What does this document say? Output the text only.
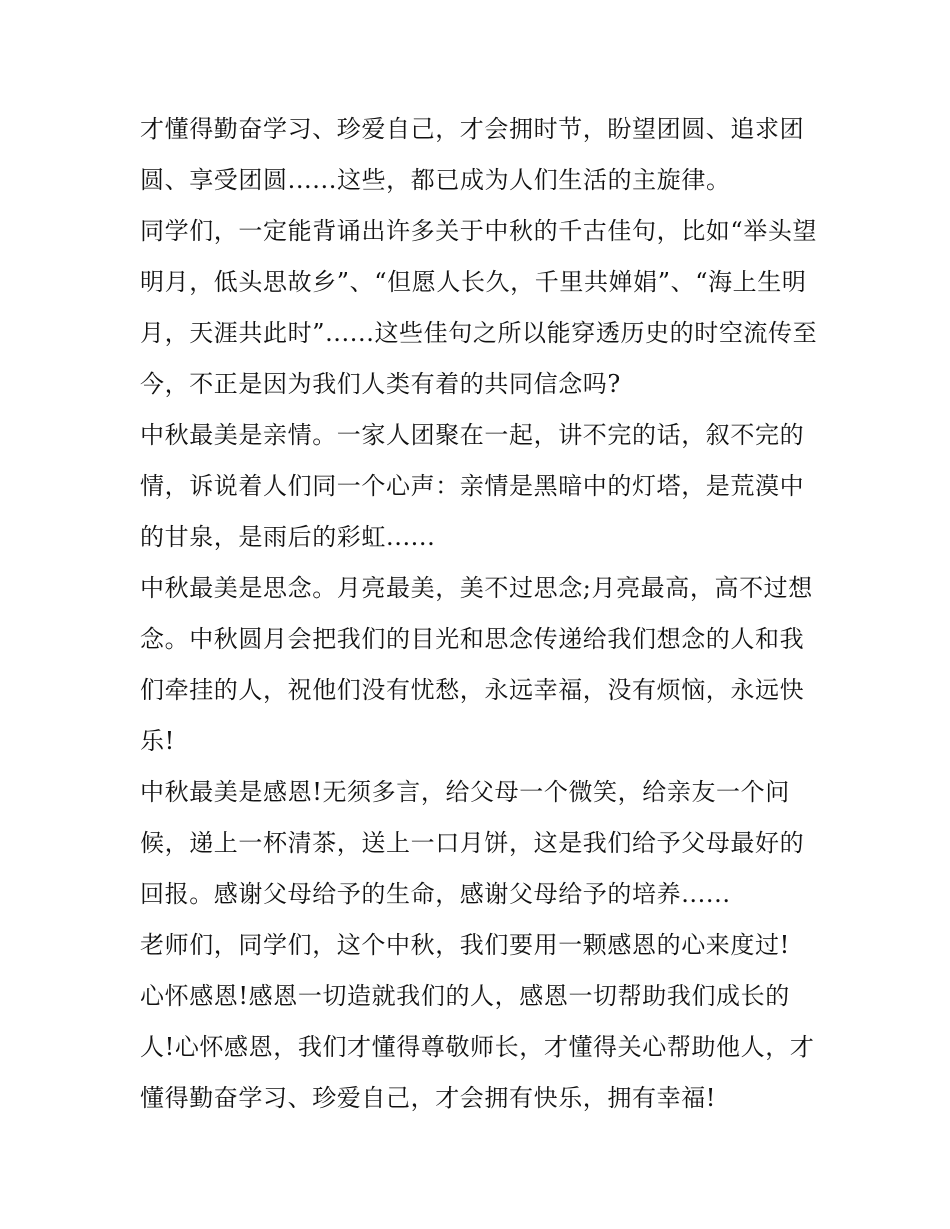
才懂得勤奋学习、珍爱自己，才会拥时节，盼望团圆、追求团圆、享受团圆......这些，都已成为人们生活的主旋律。

同学们，一定能背诵出许多关于中秋的千古佳句，比如“举头望明月，低头思故乡”、“但愿人长久，千里共婵娟”、“海上生明月，天涯共此时”......这些佳句之所以能穿透历史的时空流传至今，不正是因为我们人类有着的共同信念吗?

中秋最美是亲情。一家人团聚在一起，讲不完的话，叙不完的情，诉说着人们同一个心声：亲情是黑暗中的灯塔，是荒漠中的甘泉，是雨后的彩虹......

中秋最美是思念。月亮最美，美不过思念;月亮最高，高不过想念。中秋圆月会把我们的目光和思念传递给我们想念的人和我们牵挂的人，祝他们没有忧愁，永远幸福，没有烦恼，永远快乐!

中秋最美是感恩!无须多言，给父母一个微笑，给亲友一个问候，递上一杯清茶，送上一口月饼，这是我们给予父母最好的回报。感谢父母给予的生命，感谢父母给予的培养......

老师们，同学们，这个中秋，我们要用一颗感恩的心来度过!

心怀感恩!感恩一切造就我们的人，感恩一切帮助我们成长的人!心怀感恩，我们才懂得尊敬师长，才懂得关心帮助他人，才懂得勤奋学习、珍爱自己，才会拥有快乐，拥有幸福!
